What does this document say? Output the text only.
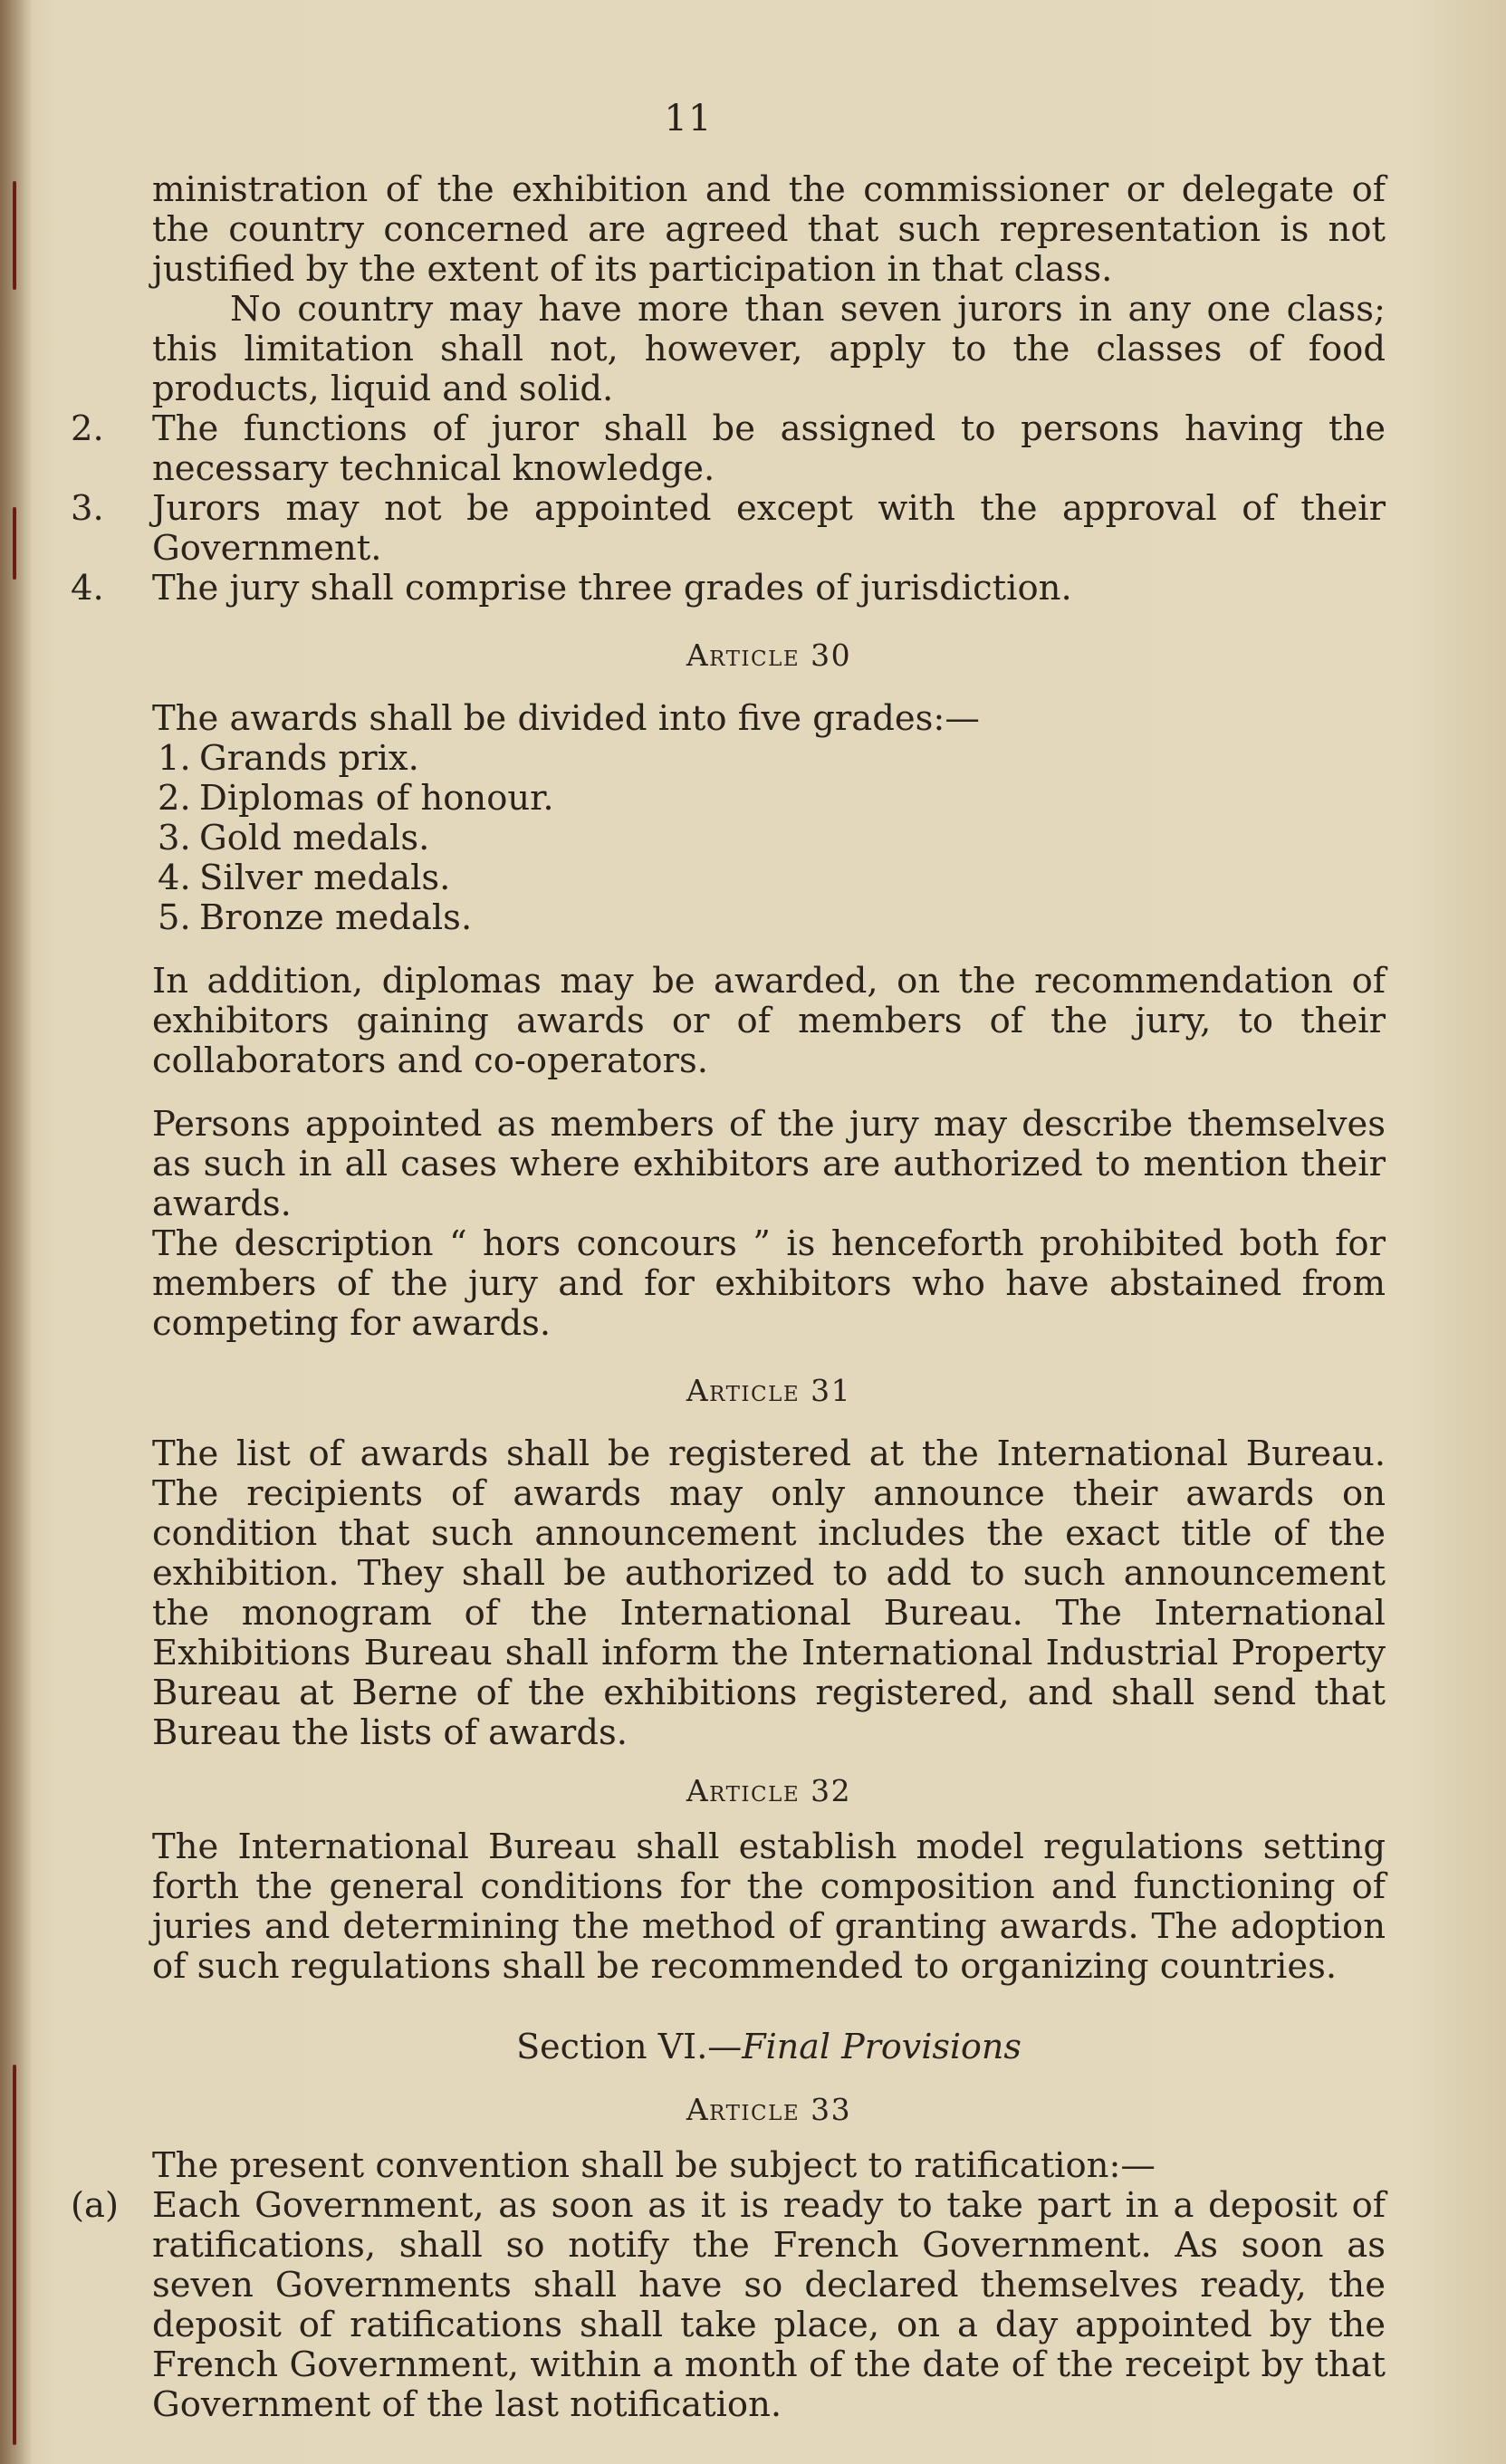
11

ministration of the exhibition and the commissioner or delegate of the country concerned are agreed that such representation is not justified by the extent of its participation in that class.

No country may have more than seven jurors in any one class; this limitation shall not, however, apply to the classes of food products, liquid and solid.

2. The functions of juror shall be assigned to persons having the necessary technical knowledge.

3. Jurors may not be appointed except with the approval of their Government.

4. The jury shall comprise three grades of jurisdiction.

Article 30

The awards shall be divided into five grades:—

1. Grands prix.
2. Diplomas of honour.
3. Gold medals.
4. Silver medals.
5. Bronze medals.

In addition, diplomas may be awarded, on the recommendation of exhibitors gaining awards or of members of the jury, to their collaborators and co-operators.

Persons appointed as members of the jury may describe themselves as such in all cases where exhibitors are authorized to mention their awards.

The description “ hors concours ” is henceforth prohibited both for members of the jury and for exhibitors who have abstained from competing for awards.

Article 31

The list of awards shall be registered at the International Bureau. The recipients of awards may only announce their awards on condition that such announcement includes the exact title of the exhibition. They shall be authorized to add to such announcement the monogram of the International Bureau. The International Exhibitions Bureau shall inform the International Industrial Property Bureau at Berne of the exhibitions registered, and shall send that Bureau the lists of awards.

Article 32

The International Bureau shall establish model regulations setting forth the general conditions for the composition and functioning of juries and determining the method of granting awards. The adoption of such regulations shall be recommended to organizing countries.

Section VI.—Final Provisions
Article 33

The present convention shall be subject to ratification:—

(a) Each Government, as soon as it is ready to take part in a deposit of ratifications, shall so notify the French Government. As soon as seven Governments shall have so declared themselves ready, the deposit of ratifications shall take place, on a day appointed by the French Government, within a month of the date of the receipt by that Government of the last notification.
